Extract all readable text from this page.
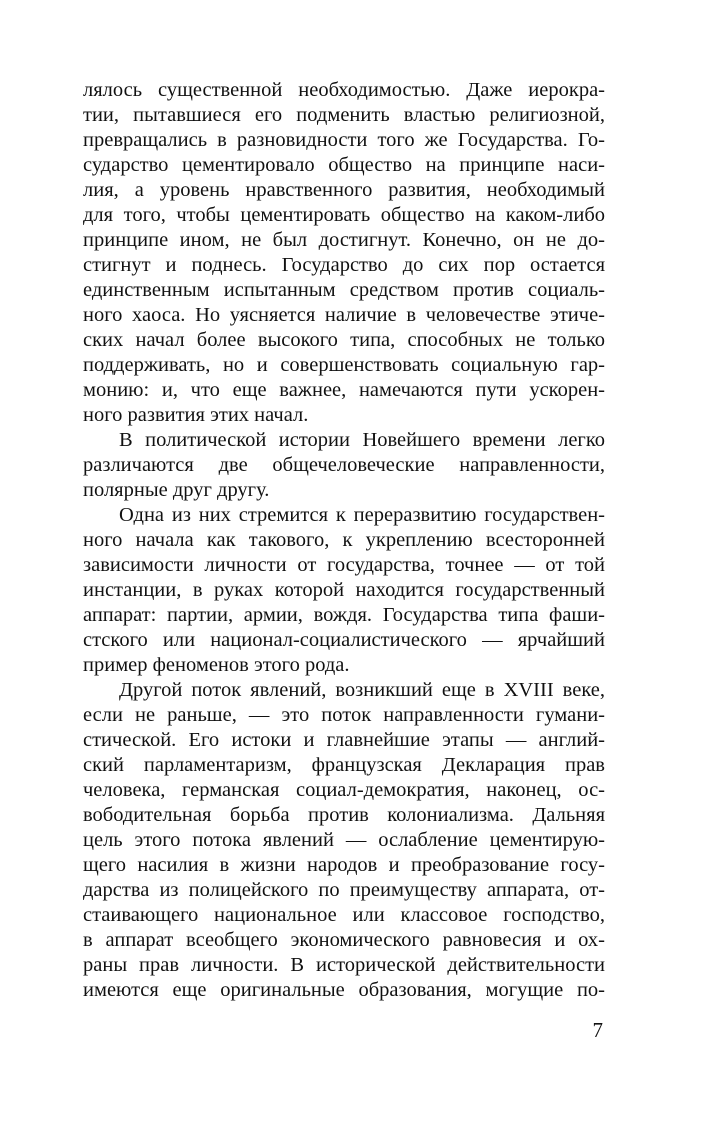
лялось существенной необходимостью. Даже иерокра-
тии, пытавшиеся его подменить властью религиозной,
превращались в разновидности того же Государства. Го-
сударство цементировало общество на принципе наси-
лия, а уровень нравственного развития, необходимый
для того, чтобы цементировать общество на каком-либо
принципе ином, не был достигнут. Конечно, он не до-
стигнут и поднесь. Государство до сих пор остается
единственным испытанным средством против социаль-
ного хаоса. Но уясняется наличие в человечестве этиче-
ских начал более высокого типа, способных не только
поддерживать, но и совершенствовать социальную гар-
монию: и, что еще важнее, намечаются пути ускорен-
ного развития этих начал.
В политической истории Новейшего времени легко
различаются две общечеловеческие направленности,
полярные друг другу.
Одна из них стремится к переразвитию государствен-
ного начала как такового, к укреплению всесторонней
зависимости личности от государства, точнее — от той
инстанции, в руках которой находится государственный
аппарат: партии, армии, вождя. Государства типа фаши-
стского или национал-социалистического — ярчайший
пример феноменов этого рода.
Другой поток явлений, возникший еще в XVIII веке,
если не раньше, — это поток направленности гумани-
стической. Его истоки и главнейшие этапы — англий-
ский парламентаризм, французская Декларация прав
человека, германская социал-демократия, наконец, ос-
вободительная борьба против колониализма. Дальняя
цель этого потока явлений — ослабление цементирую-
щего насилия в жизни народов и преобразование госу-
дарства из полицейского по преимуществу аппарата, от-
стаивающего национальное или классовое господство,
в аппарат всеобщего экономического равновесия и ох-
раны прав личности. В исторической действительности
имеются еще оригинальные образования, могущие по-
7
